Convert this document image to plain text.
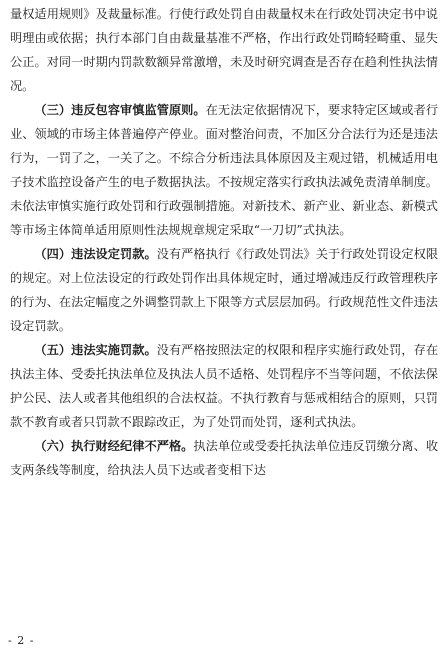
量权适用规则》及裁量标准。行使行政处罚自由裁量权未在行政处罚决定书中说明理由或依据；执行本部门自由裁量基准不严格，作出行政处罚畸轻畸重、显失公正。对同一时期内罚款数额异常激增，未及时研究调查是否存在趋利性执法情况。

（三）违反包容审慎监管原则。在无法定依据情况下，要求特定区域或者行业、领域的市场主体普遍停产停业。面对整治问责，不加区分合法行为还是违法行为，一罚了之，一关了之。不综合分析违法具体原因及主观过错，机械适用电子技术监控设备产生的电子数据执法。不按规定落实行政执法减免责清单制度。未依法审慎实施行政处罚和行政强制措施。对新技术、新产业、新业态、新模式等市场主体简单适用原则性法规规章规定采取“一刀切”式执法。

（四）违法设定罚款。没有严格执行《行政处罚法》关于行政处罚设定权限的规定。对上位法设定的行政处罚作出具体规定时，通过增减违反行政管理秩序的行为、在法定幅度之外调整罚款上下限等方式层层加码。行政规范性文件违法设定罚款。

（五）违法实施罚款。没有严格按照法定的权限和程序实施行政处罚，存在执法主体、受委托执法单位及执法人员不适格、处罚程序不当等问题，不依法保护公民、法人或者其他组织的合法权益。不执行教育与惩戒相结合的原则，只罚款不教育或者只罚款不跟踪改正，为了处罚而处罚，逐利式执法。

（六）执行财经纪律不严格。执法单位或受委托执法单位违反罚缴分离、收支两条线等制度，给执法人员下达或者变相下达

- 2 -
